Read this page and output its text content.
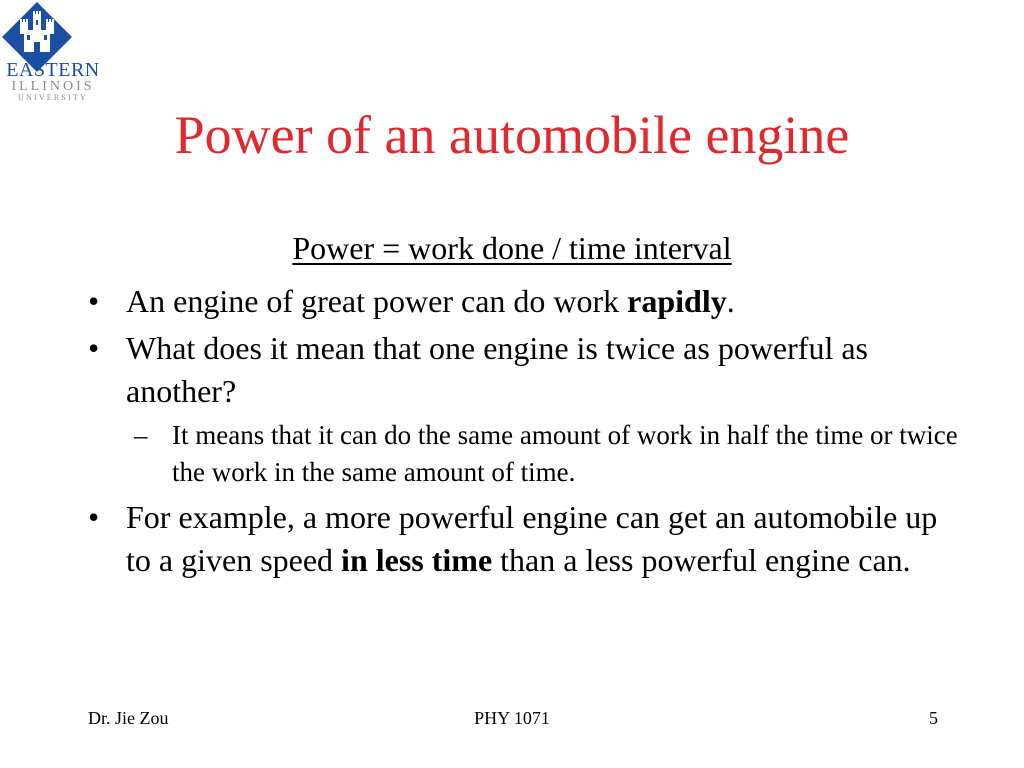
EASTERN
ILLINOIS
UNIVERSITY
Power of an automobile engine
Power = work done / time interval
• An engine of great power can do work rapidly.
• What does it mean that one engine is twice as powerful as another?
– It means that it can do the same amount of work in half the time or twice the work in the same amount of time.
• For example, a more powerful engine can get an automobile up to a given speed in less time than a less powerful engine can.
Dr. Jie Zou	PHY 1071	5
